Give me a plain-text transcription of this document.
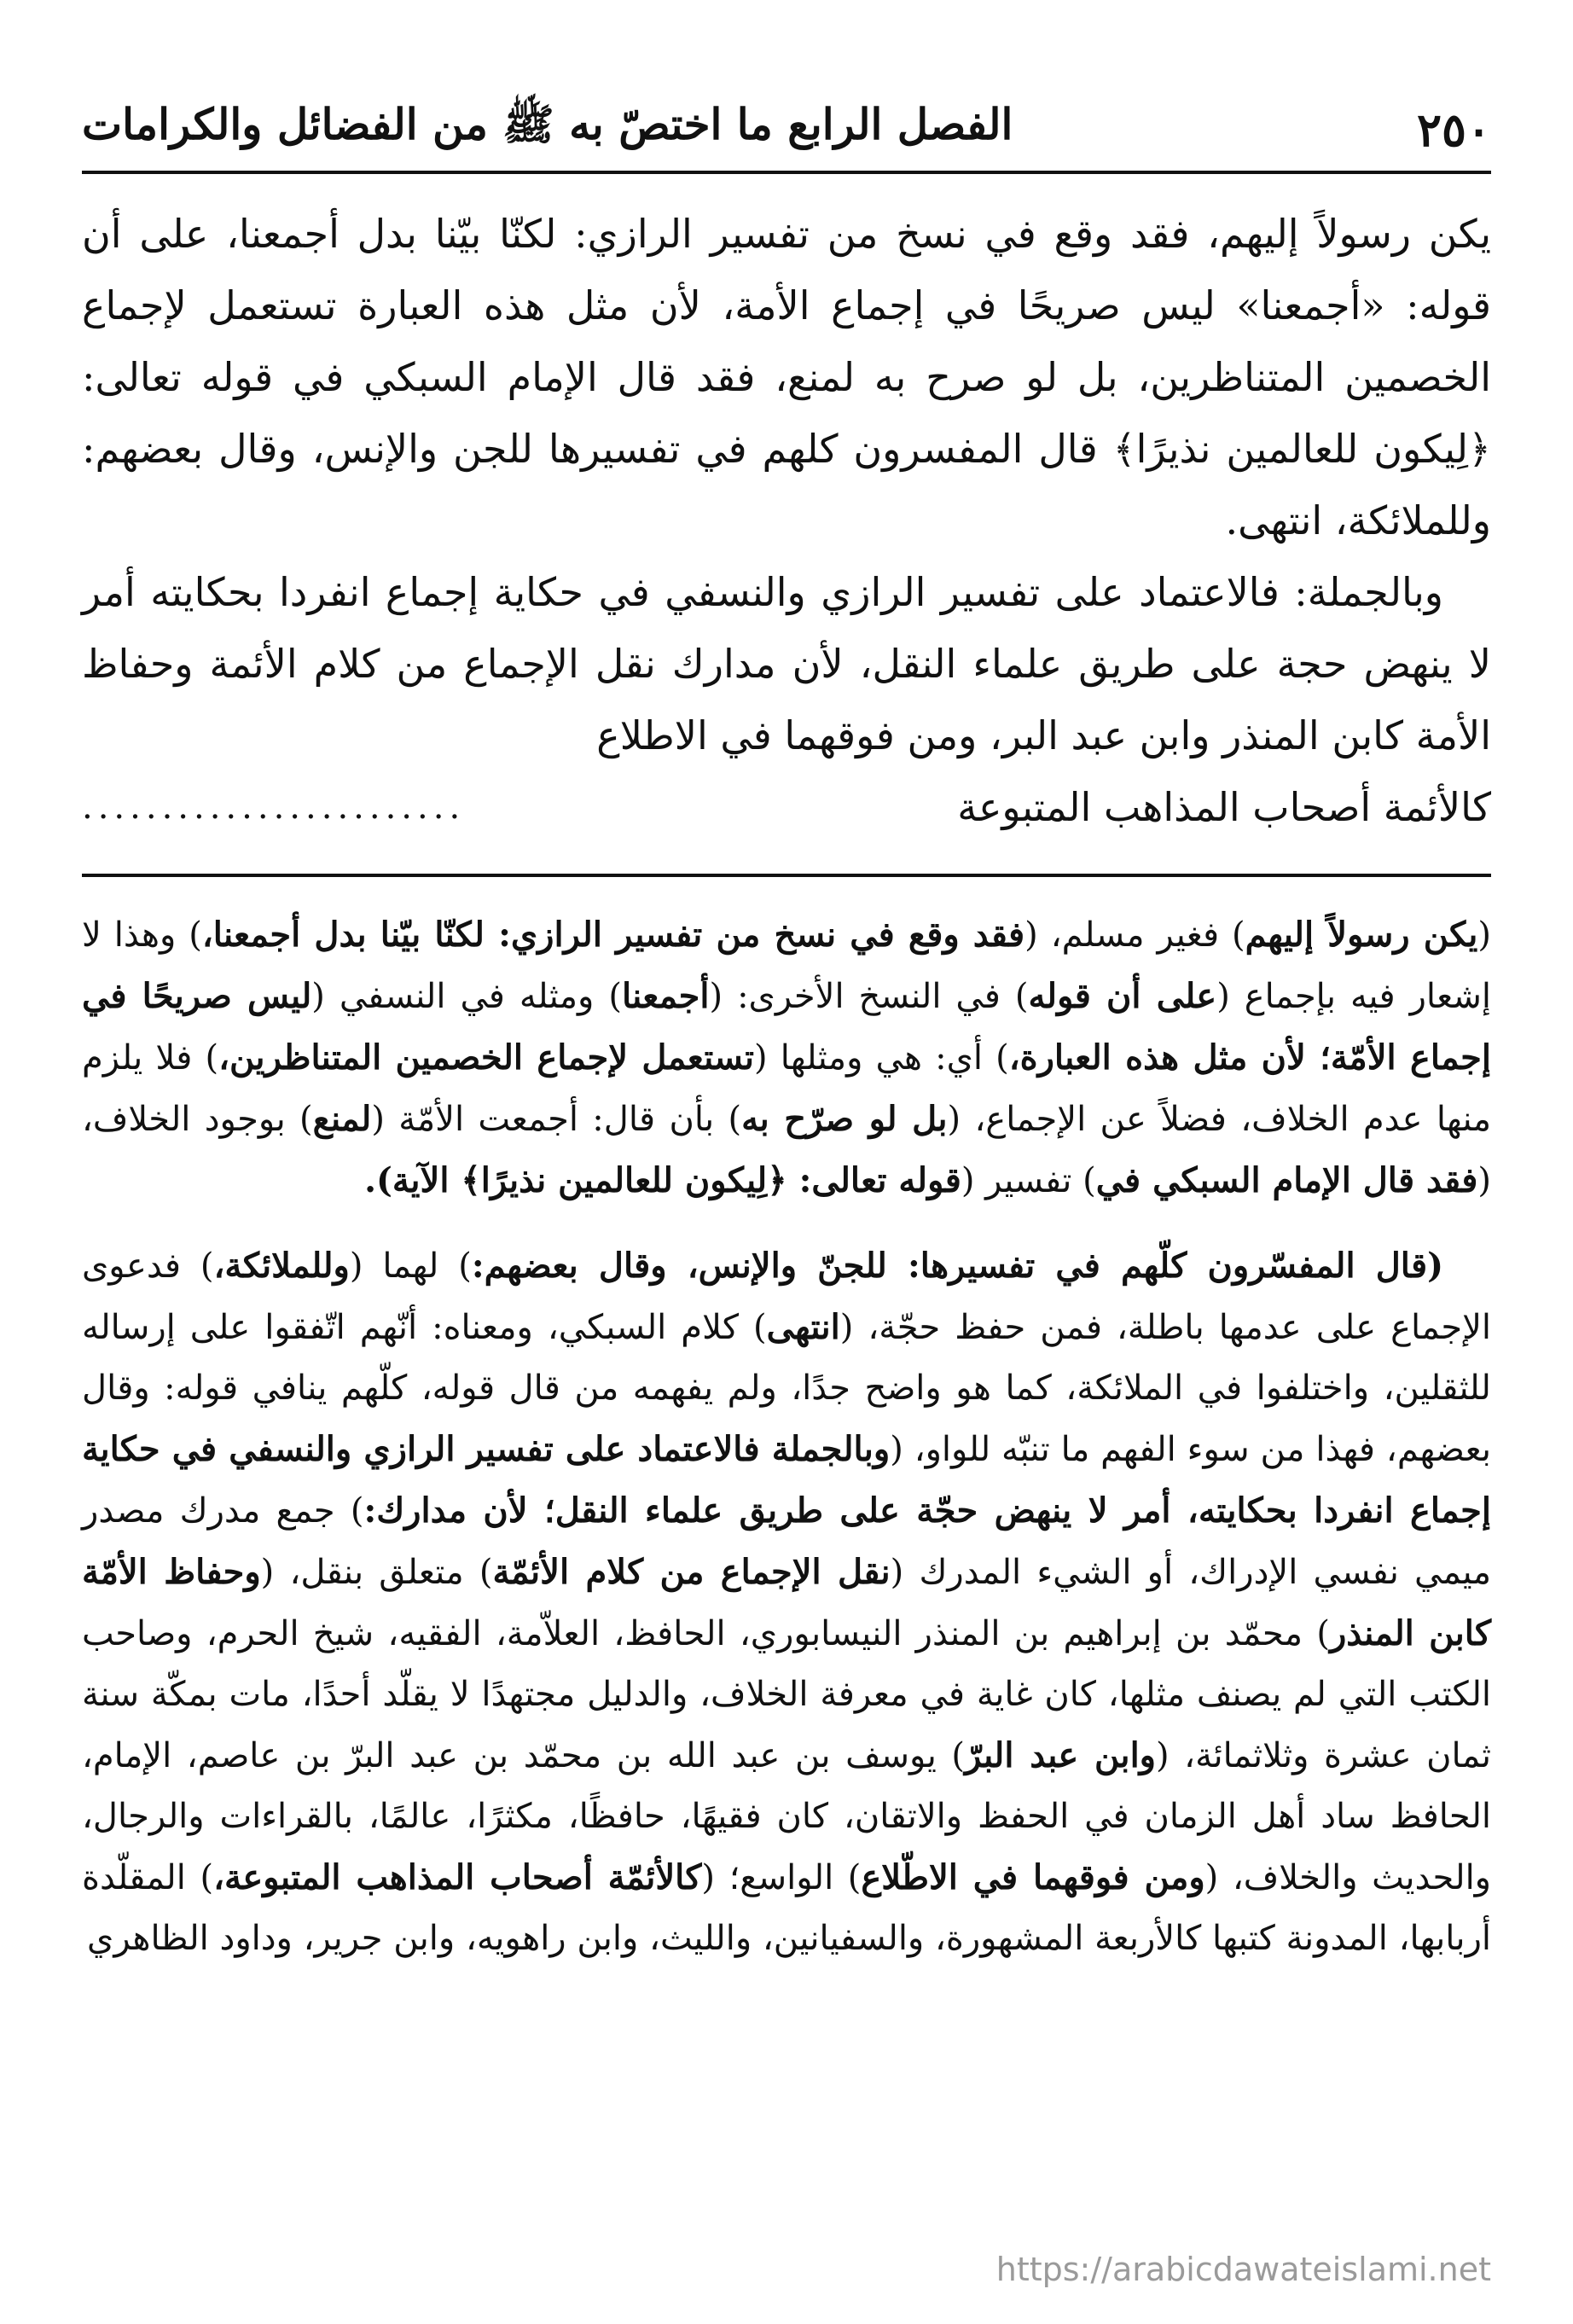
٢٥٠
الفصل الرابع ما اختصّ به ﷺ من الفضائل والكرامات

يكن رسولاً إليهم، فقد وقع في نسخ من تفسير الرازي: لكنّا بيّنا بدل أجمعنا، على أن قوله: «أجمعنا» ليس صريحًا في إجماع الأمة، لأن مثل هذه العبارة تستعمل لإجماع الخصمين المتناظرين، بل لو صرح به لمنع، فقد قال الإمام السبكي في قوله تعالى: ﴿لِيكون للعالمين نذيرًا﴾ قال المفسرون كلهم في تفسيرها للجن والإنس، وقال بعضهم: وللملائكة، انتهى.

وبالجملة: فالاعتماد على تفسير الرازي والنسفي في حكاية إجماع انفردا بحكايته أمر لا ينهض حجة على طريق علماء النقل، لأن مدارك نقل الإجماع من كلام الأئمة وحفاظ الأمة كابن المنذر وابن عبد البر، ومن فوقهما في الاطلاع

كالأئمة أصحاب المذاهب المتبوعة
........................

(يكن رسولاً إليهم) فغير مسلم، (فقد وقع في نسخ من تفسير الرازي: لكنّا بيّنا بدل أجمعنا،) وهذا لا إشعار فيه بإجماع (على أن قوله) في النسخ الأخرى: (أجمعنا) ومثله في النسفي (ليس صريحًا في إجماع الأمّة؛ لأن مثل هذه العبارة،) أي: هي ومثلها (تستعمل لإجماع الخصمين المتناظرين،) فلا يلزم منها عدم الخلاف، فضلاً عن الإجماع، (بل لو صرّح به) بأن قال: أجمعت الأمّة (لمنع) بوجود الخلاف، (فقد قال الإمام السبكي في) تفسير (قوله تعالى: ﴿لِيكون للعالمين نذيرًا﴾ الآية).

(قال المفسّرون كلّهم في تفسيرها: للجنّ والإنس، وقال بعضهم:) لهما (وللملائكة،) فدعوى الإجماع على عدمها باطلة، فمن حفظ حجّة، (انتهى) كلام السبكي، ومعناه: أنّهم اتّفقوا على إرساله للثقلين، واختلفوا في الملائكة، كما هو واضح جدًا، ولم يفهمه من قال قوله، كلّهم ينافي قوله: وقال بعضهم، فهذا من سوء الفهم ما تنبّه للواو، (وبالجملة فالاعتماد على تفسير الرازي والنسفي في حكاية إجماع انفردا بحكايته، أمر لا ينهض حجّة على طريق علماء النقل؛ لأن مدارك:) جمع مدرك مصدر ميمي نفسي الإدراك، أو الشيء المدرك (نقل الإجماع من كلام الأئمّة) متعلق بنقل، (وحفاظ الأمّة كابن المنذر) محمّد بن إبراهيم بن المنذر النيسابوري، الحافظ، العلاّمة، الفقيه، شيخ الحرم، وصاحب الكتب التي لم يصنف مثلها، كان غاية في معرفة الخلاف، والدليل مجتهدًا لا يقلّد أحدًا، مات بمكّة سنة ثمان عشرة وثلاثمائة، (وابن عبد البرّ) يوسف بن عبد الله بن محمّد بن عبد البرّ بن عاصم، الإمام، الحافظ ساد أهل الزمان في الحفظ والاتقان، كان فقيهًا، حافظًا، مكثرًا، عالمًا، بالقراءات والرجال، والحديث والخلاف، (ومن فوقهما في الاطّلاع) الواسع؛ (كالأئمّة أصحاب المذاهب المتبوعة،) المقلّدة أربابها، المدونة كتبها كالأربعة المشهورة، والسفيانين، والليث، وابن راهويه، وابن جرير، وداود الظاهري

https://arabicdawateislami.net
